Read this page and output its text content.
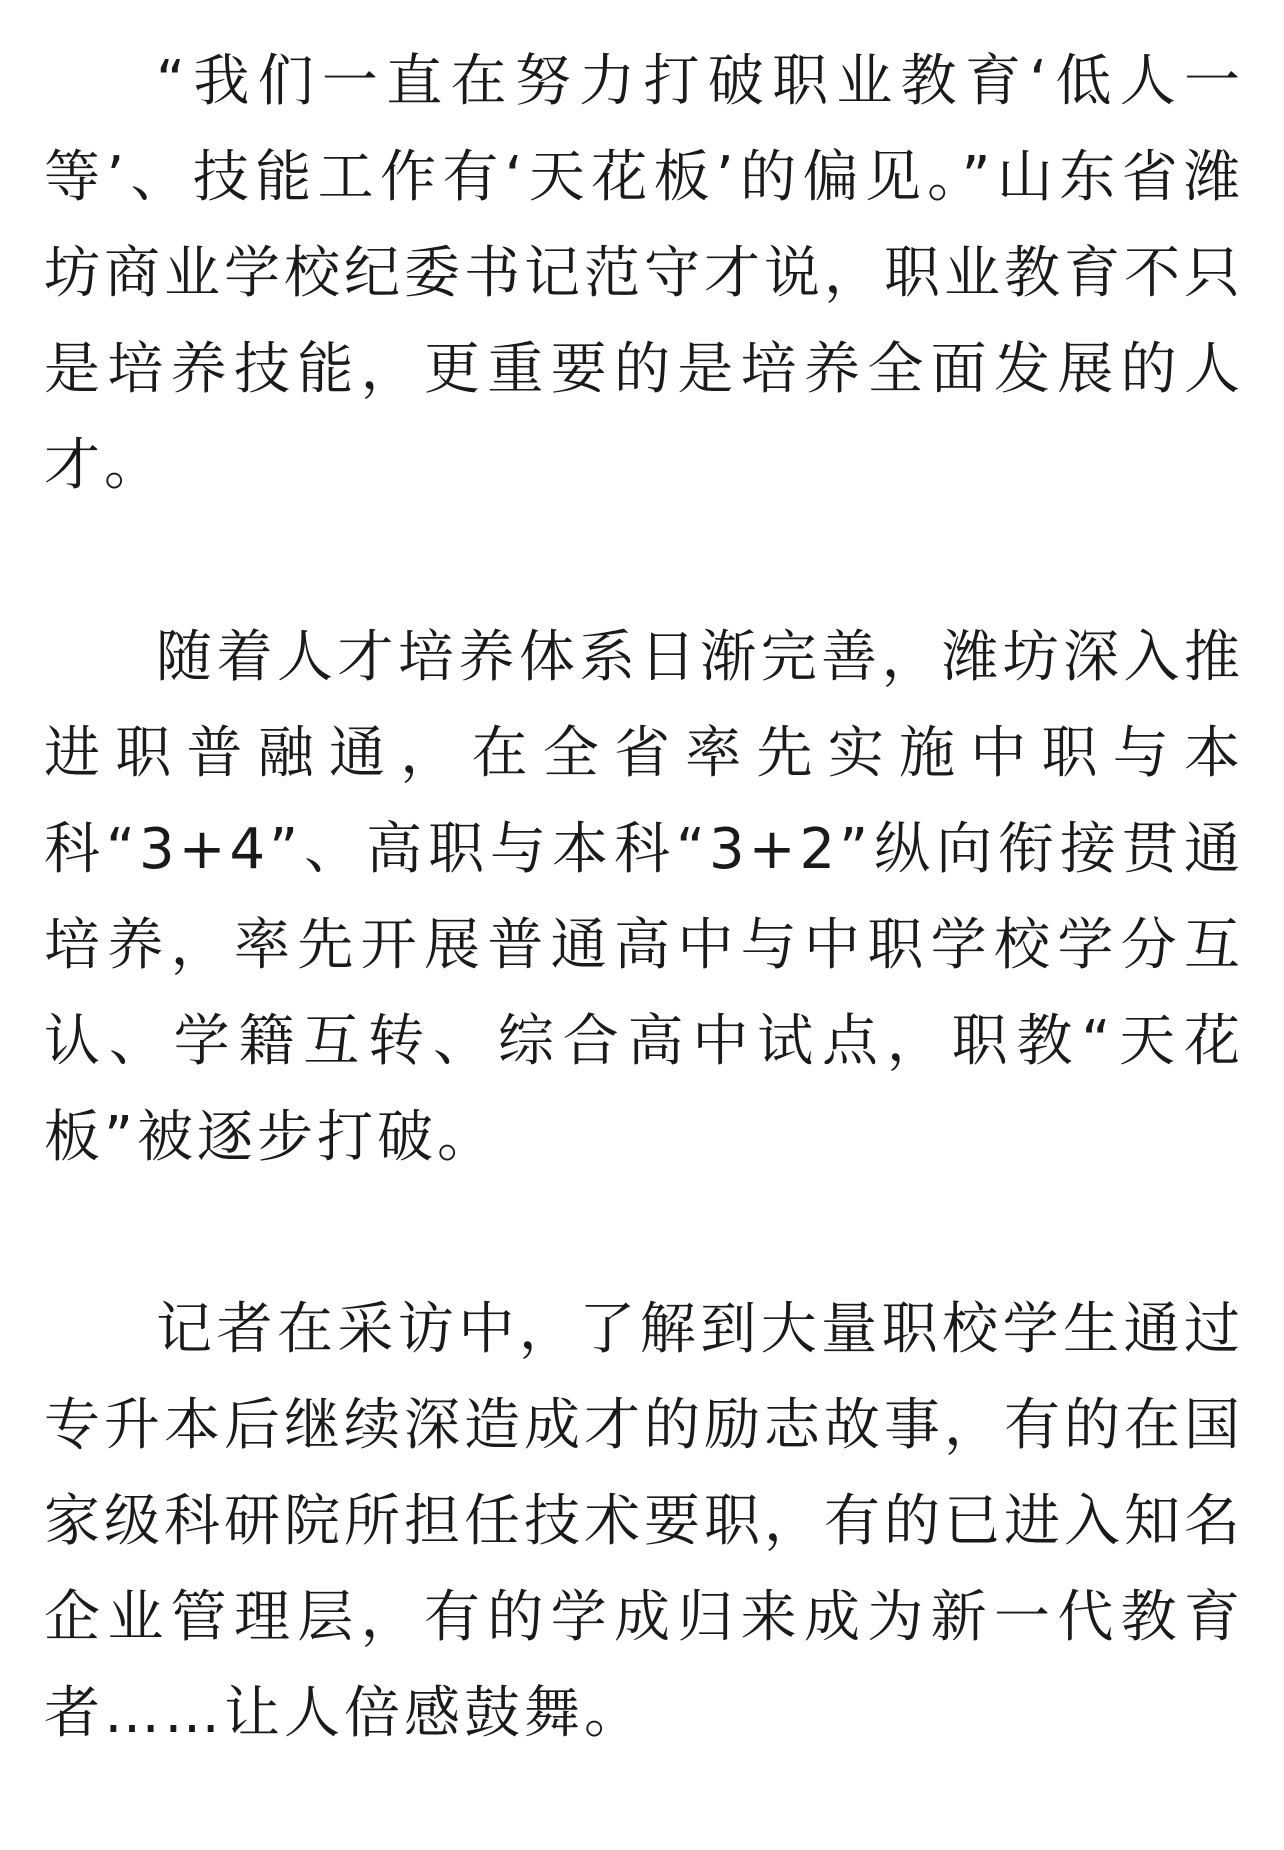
“我们一直在努力打破职业教育‘低人一等’、技能工作有‘天花板’的偏见。”山东省潍坊商业学校纪委书记范守才说，职业教育不只是培养技能，更重要的是培养全面发展的人才。

随着人才培养体系日渐完善，潍坊深入推进职普融通，在全省率先实施中职与本科“3+4”、高职与本科“3+2”纵向衔接贯通培养，率先开展普通高中与中职学校学分互认、学籍互转、综合高中试点，职教“天花板”被逐步打破。

记者在采访中，了解到大量职校学生通过专升本后继续深造成才的励志故事，有的在国家级科研院所担任技术要职，有的已进入知名企业管理层，有的学成归来成为新一代教育者……让人倍感鼓舞。
